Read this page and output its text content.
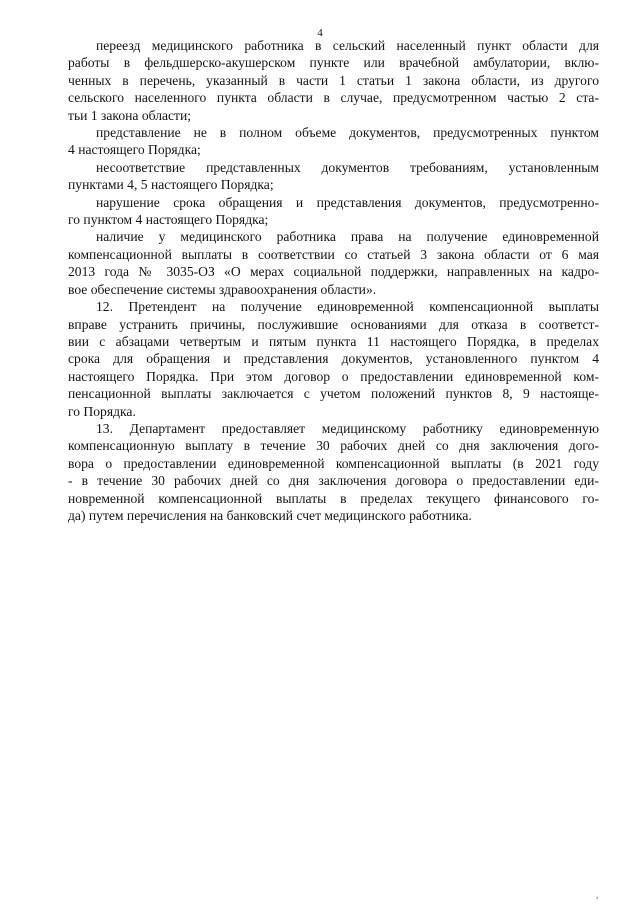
4

переезд медицинского работника в сельский населенный пункт области для
работы в фельдшерско-акушерском пункте или врачебной амбулатории, вклю-
ченных в перечень, указанный в части 1 статьи 1 закона области, из другого
сельского населенного пункта области в случае, предусмотренном частью 2 ста-
тьи 1 закона области;

представление не в полном объеме документов, предусмотренных пунктом
4 настоящего Порядка;

несоответствие представленных документов требованиям, установленным
пунктами 4, 5 настоящего Порядка;

нарушение срока обращения и представления документов, предусмотренно-
го пунктом 4 настоящего Порядка;

наличие у медицинского работника права на получение единовременной
компенсационной выплаты в соответствии со статьей 3 закона области от 6 мая
2013 года № 3035-ОЗ «О мерах социальной поддержки, направленных на кадро-
вое обеспечение системы здравоохранения области».

12. Претендент на получение единовременной компенсационной выплаты
вправе устранить причины, послужившие основаниями для отказа в соответст-
вии с абзацами четвертым и пятым пункта 11 настоящего Порядка, в пределах
срока для обращения и представления документов, установленного пунктом 4
настоящего Порядка. При этом договор о предоставлении единовременной ком-
пенсационной выплаты заключается с учетом положений пунктов 8, 9 настояще-
го Порядка.

13. Департамент предоставляет медицинскому работнику единовременную
компенсационную выплату в течение 30 рабочих дней со дня заключения дого-
вора о предоставлении единовременной компенсационной выплаты (в 2021 году
- в течение 30 рабочих дней со дня заключения договора о предоставлении еди-
новременной компенсационной выплаты в пределах текущего финансового го-
да) путем перечисления на банковский счет медицинского работника.

,
